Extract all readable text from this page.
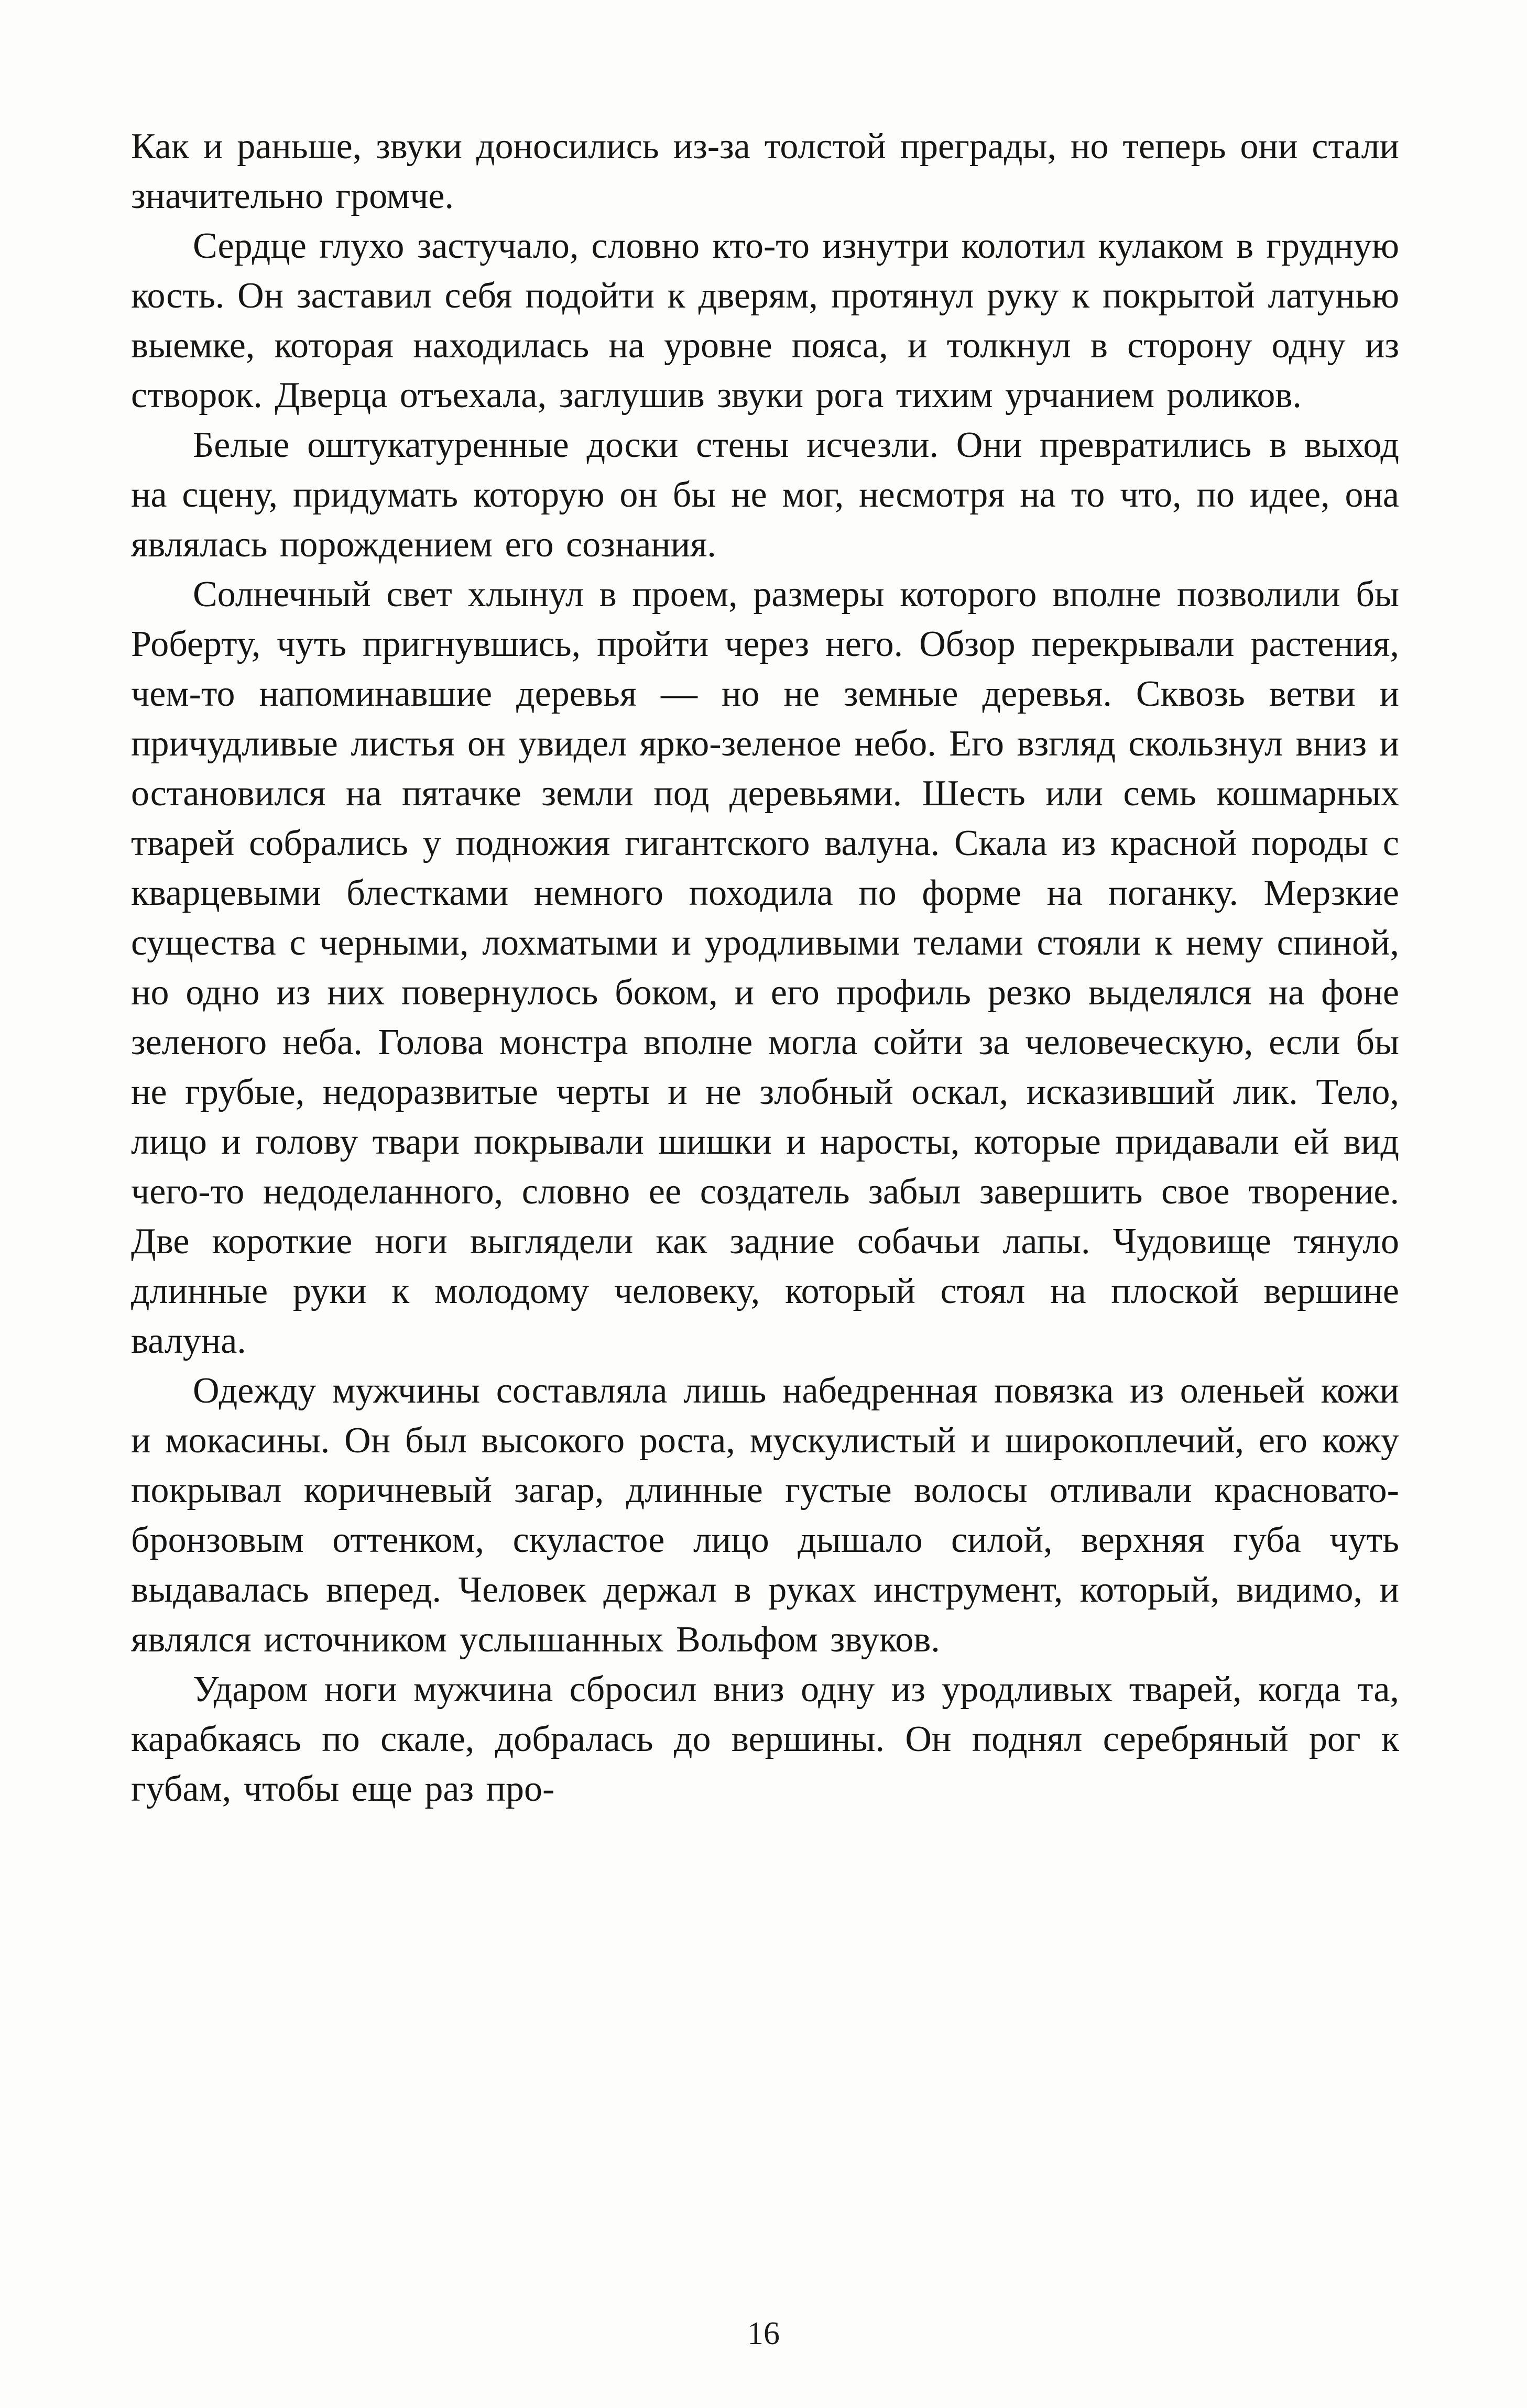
Как и раньше, звуки доносились из-за толстой преграды, но теперь они стали значительно громче.

Сердце глухо застучало, словно кто-то изнутри колотил кулаком в грудную кость. Он заставил себя подойти к дверям, протянул руку к покрытой латунью выемке, которая находилась на уровне пояса, и толкнул в сторону одну из створок. Дверца отъехала, заглушив звуки рога тихим урчанием роликов.

Белые оштукатуренные доски стены исчезли. Они превратились в выход на сцену, придумать которую он бы не мог, несмотря на то что, по идее, она являлась порождением его сознания.

Солнечный свет хлынул в проем, размеры которого вполне позволили бы Роберту, чуть пригнувшись, пройти через него. Обзор перекрывали растения, чем-то напоминавшие деревья — но не земные деревья. Сквозь ветви и причудливые листья он увидел ярко-зеленое небо. Его взгляд скользнул вниз и остановился на пятачке земли под деревьями. Шесть или семь кошмарных тварей собрались у подножия гигантского валуна. Скала из красной породы с кварцевыми блестками немного походила по форме на поганку. Мерзкие существа с черными, лохматыми и уродливыми телами стояли к нему спиной, но одно из них повернулось боком, и его профиль резко выделялся на фоне зеленого неба. Голова монстра вполне могла сойти за человеческую, если бы не грубые, недоразвитые черты и не злобный оскал, исказивший лик. Тело, лицо и голову твари покрывали шишки и наросты, которые придавали ей вид чего-то недоделанного, словно ее создатель забыл завершить свое творение. Две короткие ноги выглядели как задние собачьи лапы. Чудовище тянуло длинные руки к молодому человеку, который стоял на плоской вершине валуна.

Одежду мужчины составляла лишь набедренная повязка из оленьей кожи и мокасины. Он был высокого роста, мускулистый и широкоплечий, его кожу покрывал коричневый загар, длинные густые волосы отливали красновато-бронзовым оттенком, скуластое лицо дышало силой, верхняя губа чуть выдавалась вперед. Человек держал в руках инструмент, который, видимо, и являлся источником услышанных Вольфом звуков.

Ударом ноги мужчина сбросил вниз одну из уродливых тварей, когда та, карабкаясь по скале, добралась до вершины. Он поднял серебряный рог к губам, чтобы еще раз про-

16
